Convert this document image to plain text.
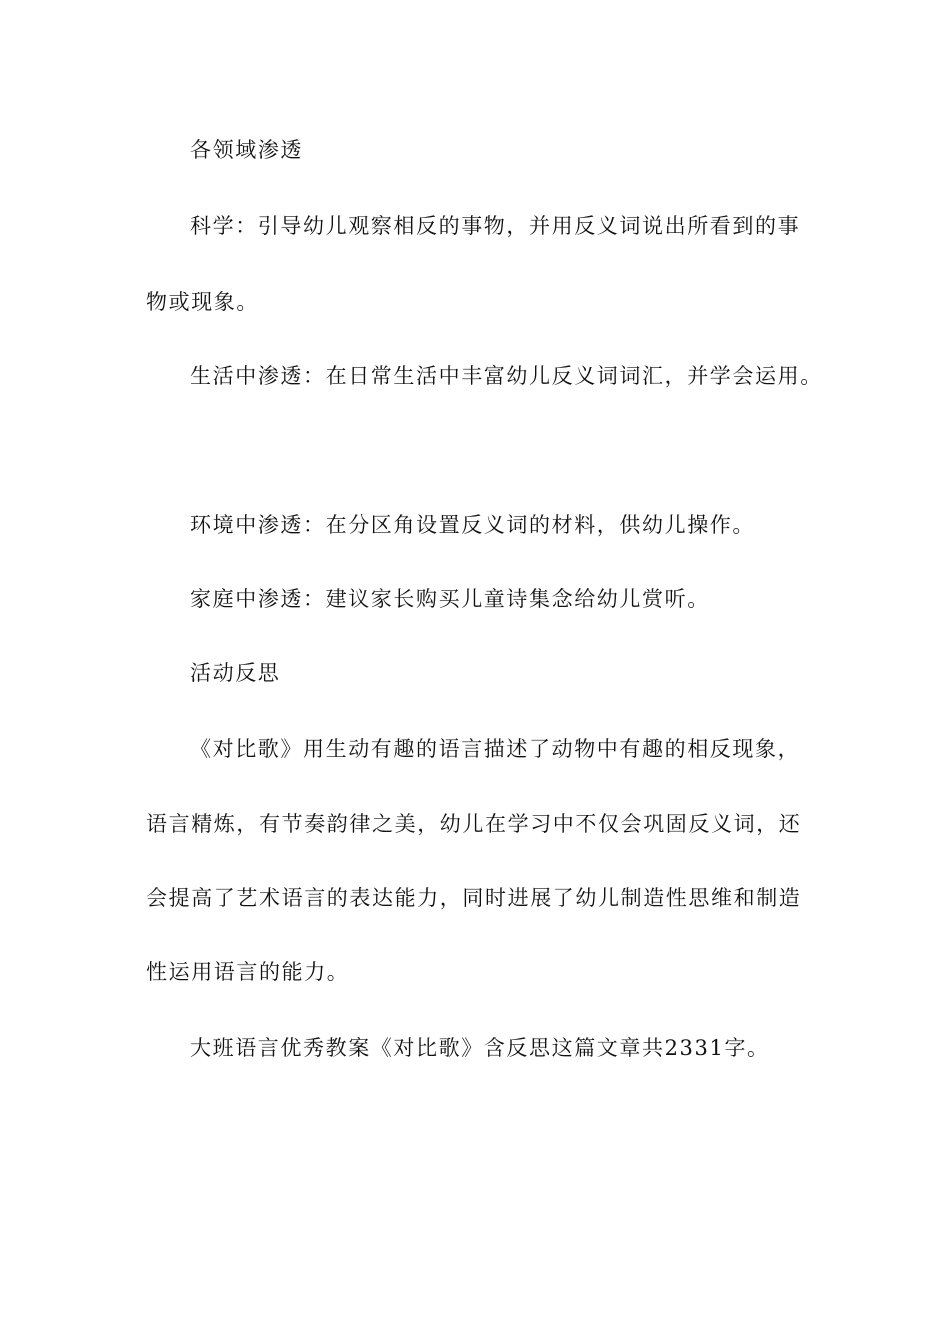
各领域渗透
科学：引导幼儿观察相反的事物，并用反义词说出所看到的事
物或现象。
生活中渗透：在日常生活中丰富幼儿反义词词汇，并学会运用。
环境中渗透：在分区角设置反义词的材料，供幼儿操作。
家庭中渗透：建议家长购买儿童诗集念给幼儿赏听。
活动反思
《对比歌》用生动有趣的语言描述了动物中有趣的相反现象，
语言精炼，有节奏韵律之美，幼儿在学习中不仅会巩固反义词，还
会提高了艺术语言的表达能力，同时进展了幼儿制造性思维和制造
性运用语言的能力。
大班语言优秀教案《对比歌》含反思这篇文章共2331字。
